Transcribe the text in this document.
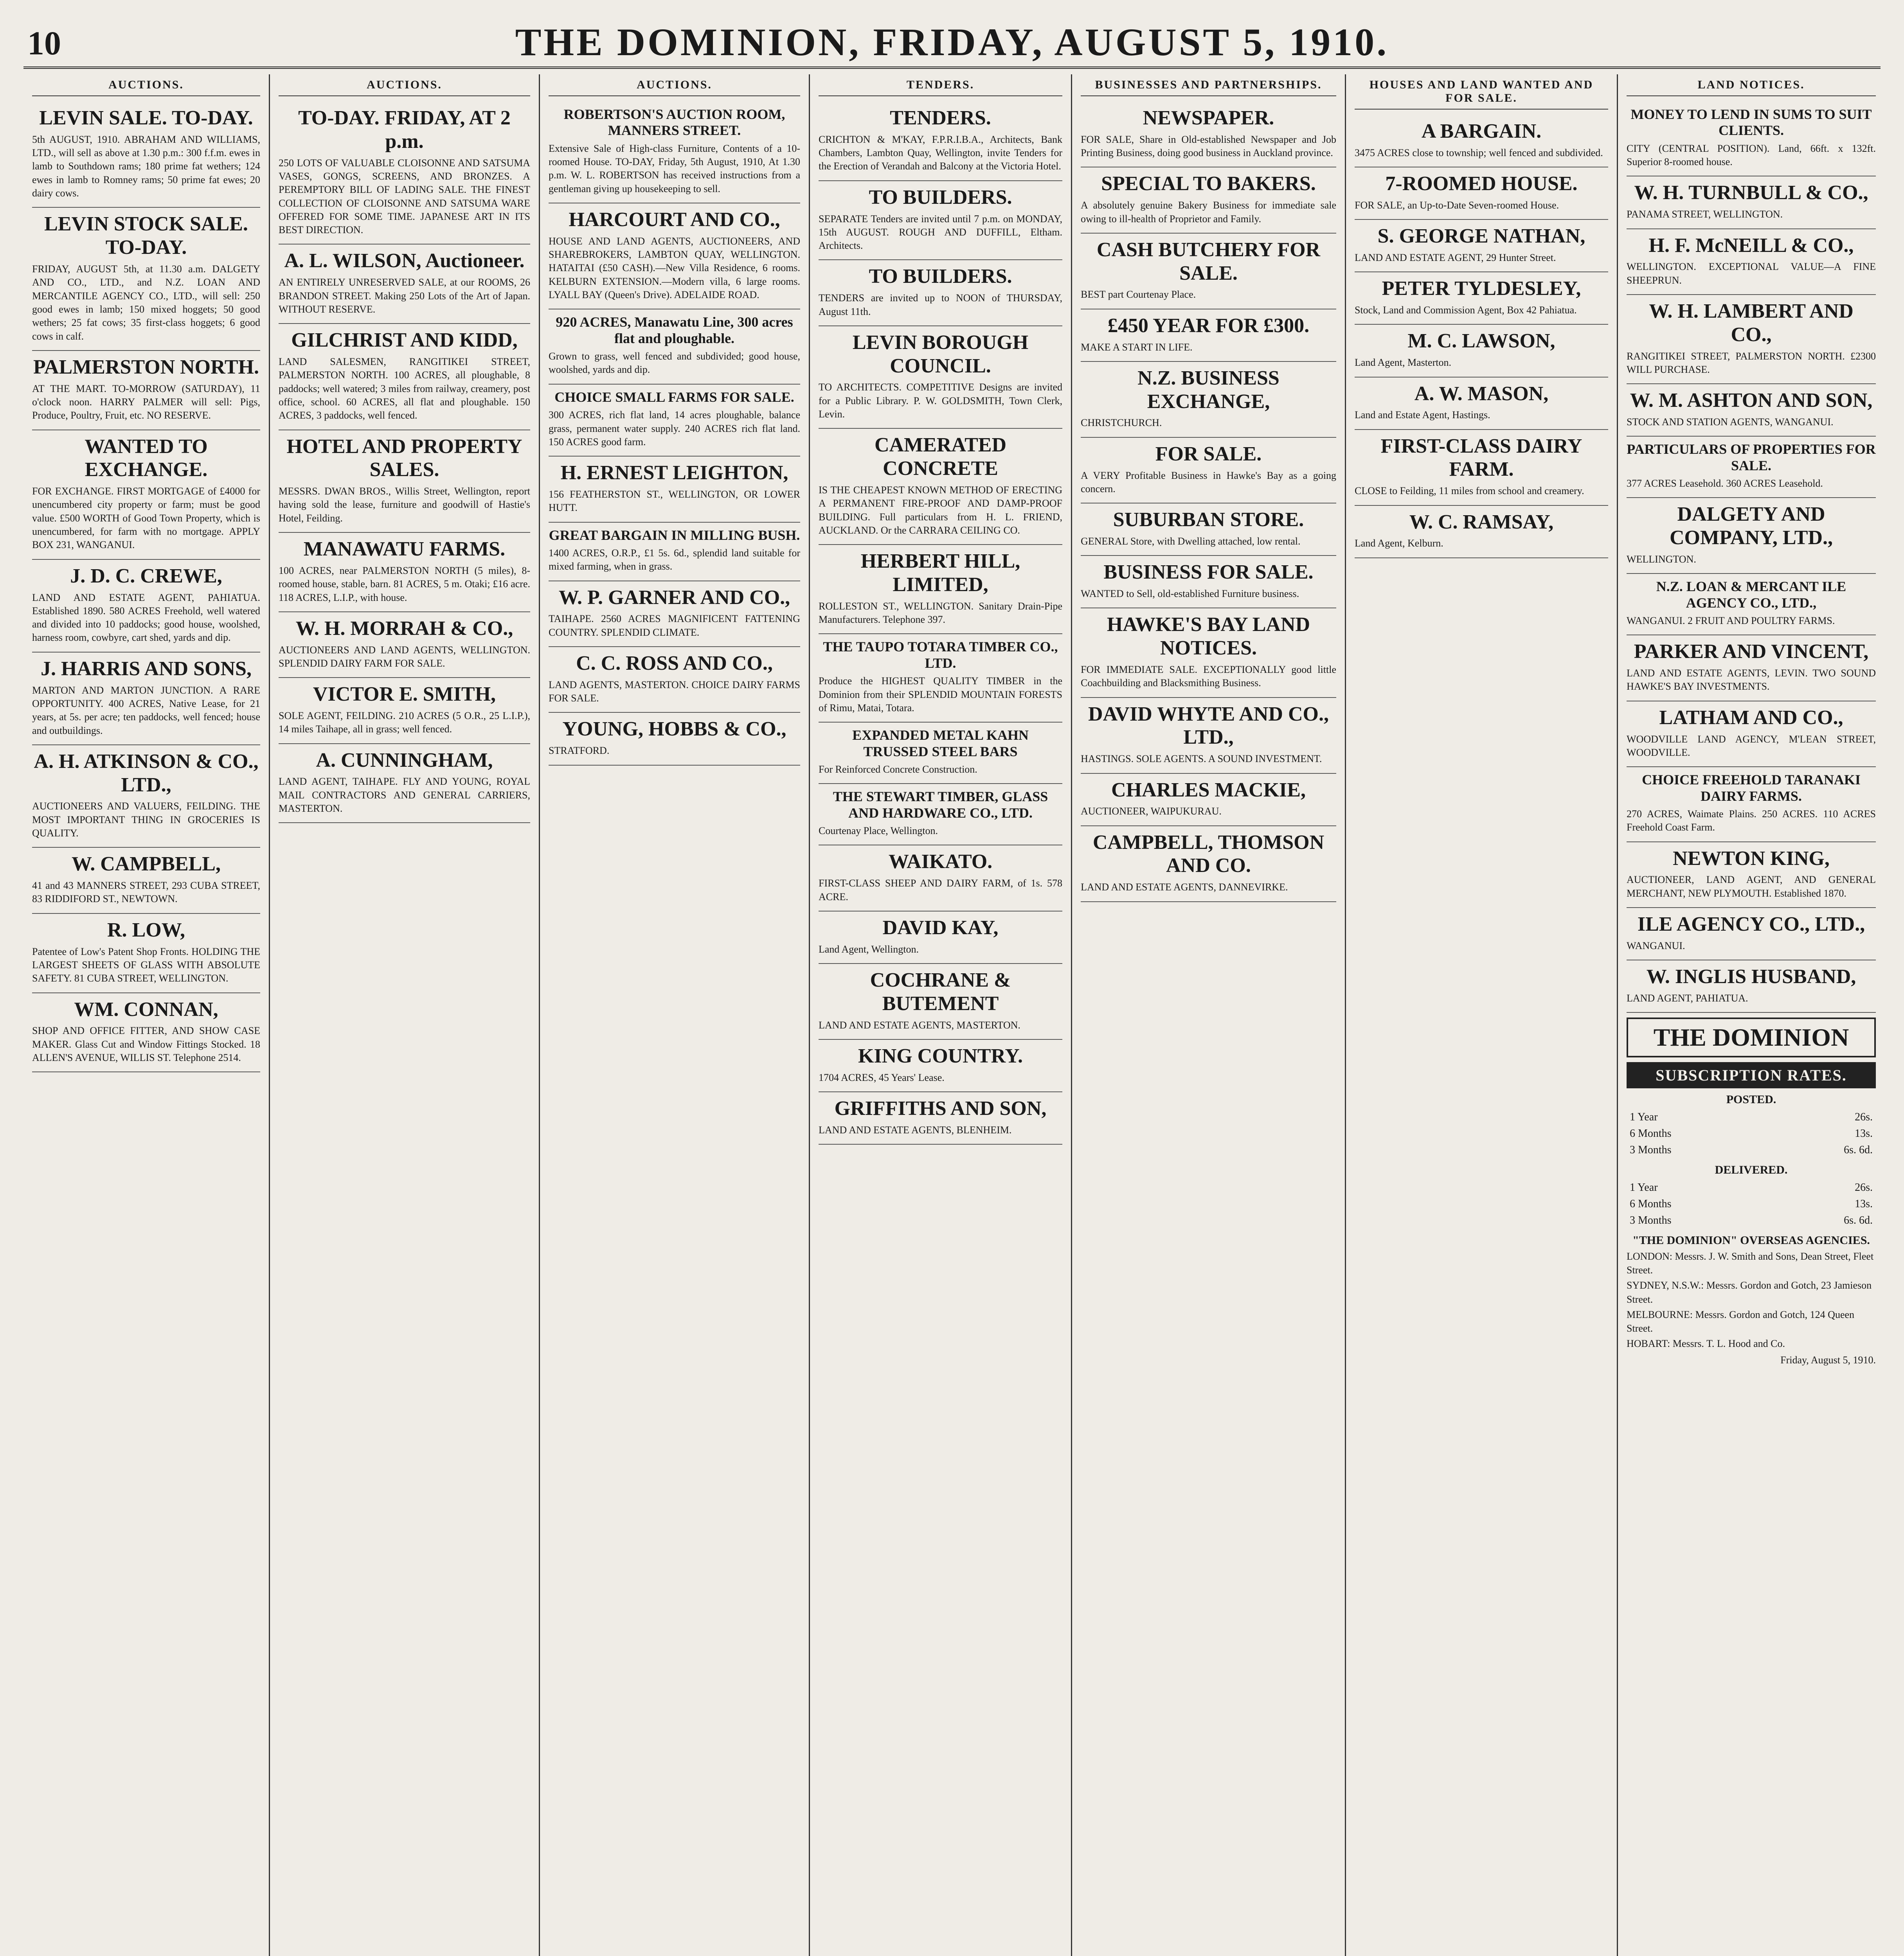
10	THE DOMINION, FRIDAY, AUGUST 5, 1910.
AUCTIONS.
LEVIN SALE. TO-DAY.
5th AUGUST, 1910. ABRAHAM AND WILLIAMS, LTD., will sell as above at 1.30 p.m.: 300 f.f.m. ewes in lamb to Southdown rams; 180 prime fat wethers; 124 ewes in lamb to Romney rams; 50 prime fat ewes; 20 dairy cows.
LEVIN STOCK SALE. TO-DAY.
FRIDAY, AUGUST 5th, at 11.30 a.m. DALGETY AND CO., LTD., and N.Z. LOAN AND MERCANTILE AGENCY CO., LTD., will sell: 250 good ewes in lamb; 150 mixed hoggets; 50 good wethers; 25 fat cows; 35 first-class hoggets; 6 good cows in calf.
PALMERSTON NORTH.
AT THE MART. TO-MORROW (SATURDAY), 11 o'clock noon. HARRY PALMER will sell: Pigs, Produce, Poultry, Fruit, etc. NO RESERVE.
WANTED TO EXCHANGE.
FOR EXCHANGE. FIRST MORTGAGE of £4000 for unencumbered city property or farm; must be good value. £500 WORTH of Good Town Property, which is unencumbered, for farm with no mortgage. APPLY BOX 231, WANGANUI.
J. D. C. CREWE,
LAND AND ESTATE AGENT, PAHIATUA. Established 1890. 580 ACRES Freehold, well watered and divided into 10 paddocks; good house, woolshed, harness room, cowbyre, cart shed, yards and dip.
J. HARRIS AND SONS,
MARTON AND MARTON JUNCTION. A RARE OPPORTUNITY. 400 ACRES, Native Lease, for 21 years, at 5s. per acre; ten paddocks, well fenced; house and outbuildings.
A. H. ATKINSON & CO., LTD.,
AUCTIONEERS AND VALUERS, FEILDING. THE MOST IMPORTANT THING IN GROCERIES IS QUALITY.
W. CAMPBELL,
41 and 43 MANNERS STREET, 293 CUBA STREET, 83 RIDDIFORD ST., NEWTOWN.
R. LOW,
Patentee of Low's Patent Shop Fronts. HOLDING THE LARGEST SHEETS OF GLASS WITH ABSOLUTE SAFETY. 81 CUBA STREET, WELLINGTON.
WM. CONNAN,
SHOP AND OFFICE FITTER, AND SHOW CASE MAKER. Glass Cut and Window Fittings Stocked. 18 ALLEN'S AVENUE, WILLIS ST. Telephone 2514.
AUCTIONS.
TO-DAY. FRIDAY, AT 2 p.m.
250 LOTS OF VALUABLE CLOISONNE AND SATSUMA VASES, GONGS, SCREENS, AND BRONZES. A PEREMPTORY BILL OF LADING SALE. THE FINEST COLLECTION OF CLOISONNE AND SATSUMA WARE OFFERED FOR SOME TIME. JAPANESE ART IN ITS BEST DIRECTION.
A. L. WILSON, Auctioneer.
AN ENTIRELY UNRESERVED SALE, at our ROOMS, 26 BRANDON STREET. Making 250 Lots of the Art of Japan. WITHOUT RESERVE.
GILCHRIST AND KIDD,
LAND SALESMEN, RANGITIKEI STREET, PALMERSTON NORTH. 100 ACRES, all ploughable, 8 paddocks; well watered; 3 miles from railway, creamery, post office, school. 60 ACRES, all flat and ploughable. 150 ACRES, 3 paddocks, well fenced.
HOTEL AND PROPERTY SALES.
MESSRS. DWAN BROS., Willis Street, Wellington, report having sold the lease, furniture and goodwill of Hastie's Hotel, Feilding.
MANAWATU FARMS.
100 ACRES, near PALMERSTON NORTH (5 miles), 8-roomed house, stable, barn. 81 ACRES, 5 m. Otaki; £16 acre. 118 ACRES, L.I.P., with house.
W. H. MORRAH & CO.,
AUCTIONEERS AND LAND AGENTS, WELLINGTON. SPLENDID DAIRY FARM FOR SALE.
VICTOR E. SMITH,
SOLE AGENT, FEILDING. 210 ACRES (5 O.R., 25 L.I.P.), 14 miles Taihape, all in grass; well fenced.
A. CUNNINGHAM,
LAND AGENT, TAIHAPE. FLY AND YOUNG, ROYAL MAIL CONTRACTORS AND GENERAL CARRIERS, MASTERTON.
AUCTIONS.
ROBERTSON'S AUCTION ROOM, MANNERS STREET.
Extensive Sale of High-class Furniture, Contents of a 10-roomed House. TO-DAY, Friday, 5th August, 1910, At 1.30 p.m. W. L. ROBERTSON has received instructions from a gentleman giving up housekeeping to sell.
HARCOURT AND CO.,
HOUSE AND LAND AGENTS, AUCTIONEERS, AND SHAREBROKERS, LAMBTON QUAY, WELLINGTON. HATAITAI (£50 CASH).—New Villa Residence, 6 rooms. KELBURN EXTENSION.—Modern villa, 6 large rooms. LYALL BAY (Queen's Drive). ADELAIDE ROAD.
920 ACRES, Manawatu Line, 300 acres flat and ploughable.
Grown to grass, well fenced and subdivided; good house, woolshed, yards and dip.
CHOICE SMALL FARMS FOR SALE.
300 ACRES, rich flat land, 14 acres ploughable, balance grass, permanent water supply. 240 ACRES rich flat land. 150 ACRES good farm.
H. ERNEST LEIGHTON,
156 FEATHERSTON ST., WELLINGTON, OR LOWER HUTT.
GREAT BARGAIN IN MILLING BUSH.
1400 ACRES, O.R.P., £1 5s. 6d., splendid land suitable for mixed farming, when in grass.
W. P. GARNER AND CO.,
TAIHAPE. 2560 ACRES MAGNIFICENT FATTENING COUNTRY. SPLENDID CLIMATE.
C. C. ROSS AND CO.,
LAND AGENTS, MASTERTON. CHOICE DAIRY FARMS FOR SALE.
YOUNG, HOBBS & CO.,
STRATFORD.
TENDERS.
TENDERS.
CRICHTON & M'KAY, F.P.R.I.B.A., Architects, Bank Chambers, Lambton Quay, Wellington, invite Tenders for the Erection of Verandah and Balcony at the Victoria Hotel.
TO BUILDERS.
SEPARATE Tenders are invited until 7 p.m. on MONDAY, 15th AUGUST. ROUGH AND DUFFILL, Eltham. Architects.
TO BUILDERS.
TENDERS are invited up to NOON of THURSDAY, August 11th.
LEVIN BOROUGH COUNCIL.
TO ARCHITECTS. COMPETITIVE Designs are invited for a Public Library. P. W. GOLDSMITH, Town Clerk, Levin.
CAMERATED CONCRETE
IS THE CHEAPEST KNOWN METHOD OF ERECTING A PERMANENT FIRE-PROOF AND DAMP-PROOF BUILDING. Full particulars from H. L. FRIEND, AUCKLAND. Or the CARRARA CEILING CO.
HERBERT HILL, LIMITED,
ROLLESTON ST., WELLINGTON. Sanitary Drain-Pipe Manufacturers. Telephone 397.
THE TAUPO TOTARA TIMBER CO., LTD.
Produce the HIGHEST QUALITY TIMBER in the Dominion from their SPLENDID MOUNTAIN FORESTS of Rimu, Matai, Totara.
EXPANDED METAL KAHN TRUSSED STEEL BARS
For Reinforced Concrete Construction.
THE STEWART TIMBER, GLASS AND HARDWARE CO., LTD.
Courtenay Place, Wellington.
WAIKATO.
FIRST-CLASS SHEEP AND DAIRY FARM, of 1s. 578 ACRE.
DAVID KAY,
Land Agent, Wellington.
COCHRANE & BUTEMENT
LAND AND ESTATE AGENTS, MASTERTON.
KING COUNTRY.
1704 ACRES, 45 Years' Lease.
GRIFFITHS AND SON,
LAND AND ESTATE AGENTS, BLENHEIM.
BUSINESSES AND PARTNERSHIPS.
NEWSPAPER.
FOR SALE, Share in Old-established Newspaper and Job Printing Business, doing good business in Auckland province.
SPECIAL TO BAKERS.
A absolutely genuine Bakery Business for immediate sale owing to ill-health of Proprietor and Family.
CASH BUTCHERY FOR SALE.
BEST part Courtenay Place.
£450 YEAR FOR £300.
MAKE A START IN LIFE.
N.Z. BUSINESS EXCHANGE,
CHRISTCHURCH.
FOR SALE.
A VERY Profitable Business in Hawke's Bay as a going concern.
SUBURBAN STORE.
GENERAL Store, with Dwelling attached, low rental.
BUSINESS FOR SALE.
WANTED to Sell, old-established Furniture business.
HAWKE'S BAY LAND NOTICES.
FOR IMMEDIATE SALE. EXCEPTIONALLY good little Coachbuilding and Blacksmithing Business.
DAVID WHYTE AND CO., LTD.,
HASTINGS. SOLE AGENTS. A SOUND INVESTMENT.
CHARLES MACKIE,
AUCTIONEER, WAIPUKURAU.
CAMPBELL, THOMSON AND CO.
LAND AND ESTATE AGENTS, DANNEVIRKE.
HOUSES AND LAND WANTED AND FOR SALE.
A BARGAIN.
3475 ACRES close to township; well fenced and subdivided.
7-ROOMED HOUSE.
FOR SALE, an Up-to-Date Seven-roomed House.
S. GEORGE NATHAN,
LAND AND ESTATE AGENT, 29 Hunter Street.
PETER TYLDESLEY,
Stock, Land and Commission Agent, Box 42 Pahiatua.
M. C. LAWSON,
Land Agent, Masterton.
A. W. MASON,
Land and Estate Agent, Hastings.
FIRST-CLASS DAIRY FARM.
CLOSE to Feilding, 11 miles from school and creamery.
W. C. RAMSAY,
Land Agent, Kelburn.
LAND NOTICES.
MONEY TO LEND IN SUMS TO SUIT CLIENTS.
CITY (CENTRAL POSITION). Land, 66ft. x 132ft. Superior 8-roomed house.
W. H. TURNBULL & CO.,
PANAMA STREET, WELLINGTON.
H. F. McNEILL & CO.,
WELLINGTON. EXCEPTIONAL VALUE—A FINE SHEEPRUN.
W. H. LAMBERT AND CO.,
RANGITIKEI STREET, PALMERSTON NORTH. £2300 WILL PURCHASE.
W. M. ASHTON AND SON,
STOCK AND STATION AGENTS, WANGANUI.
PARTICULARS OF PROPERTIES FOR SALE.
377 ACRES Leasehold. 360 ACRES Leasehold.
DALGETY AND COMPANY, LTD.,
WELLINGTON.
N.Z. LOAN & MERCANT ILE AGENCY CO., LTD.,
WANGANUI. 2 FRUIT AND POULTRY FARMS.
PARKER AND VINCENT,
LAND AND ESTATE AGENTS, LEVIN. TWO SOUND HAWKE'S BAY INVESTMENTS.
LATHAM AND CO.,
WOODVILLE LAND AGENCY, M'LEAN STREET, WOODVILLE.
CHOICE FREEHOLD TARANAKI DAIRY FARMS.
270 ACRES, Waimate Plains. 250 ACRES. 110 ACRES Freehold Coast Farm.
NEWTON KING,
AUCTIONEER, LAND AGENT, AND GENERAL MERCHANT, NEW PLYMOUTH. Established 1870.
ILE AGENCY CO., LTD.,
WANGANUI.
W. INGLIS HUSBAND,
LAND AGENT, PAHIATUA.
THE DOMINION
SUBSCRIPTION RATES.
POSTED.
1 Year	26s.
6 Months	13s.
3 Months	6s. 6d.
DELIVERED.
1 Year	26s.
6 Months	13s.
3 Months	6s. 6d.
"THE DOMINION" OVERSEAS AGENCIES.
LONDON: Messrs. J. W. Smith and Sons, Dean Street, Fleet Street.
SYDNEY, N.S.W.: Messrs. Gordon and Gotch, 23 Jamieson Street.
MELBOURNE: Messrs. Gordon and Gotch, 124 Queen Street.
HOBART: Messrs. T. L. Hood and Co.
Friday, August 5, 1910.
